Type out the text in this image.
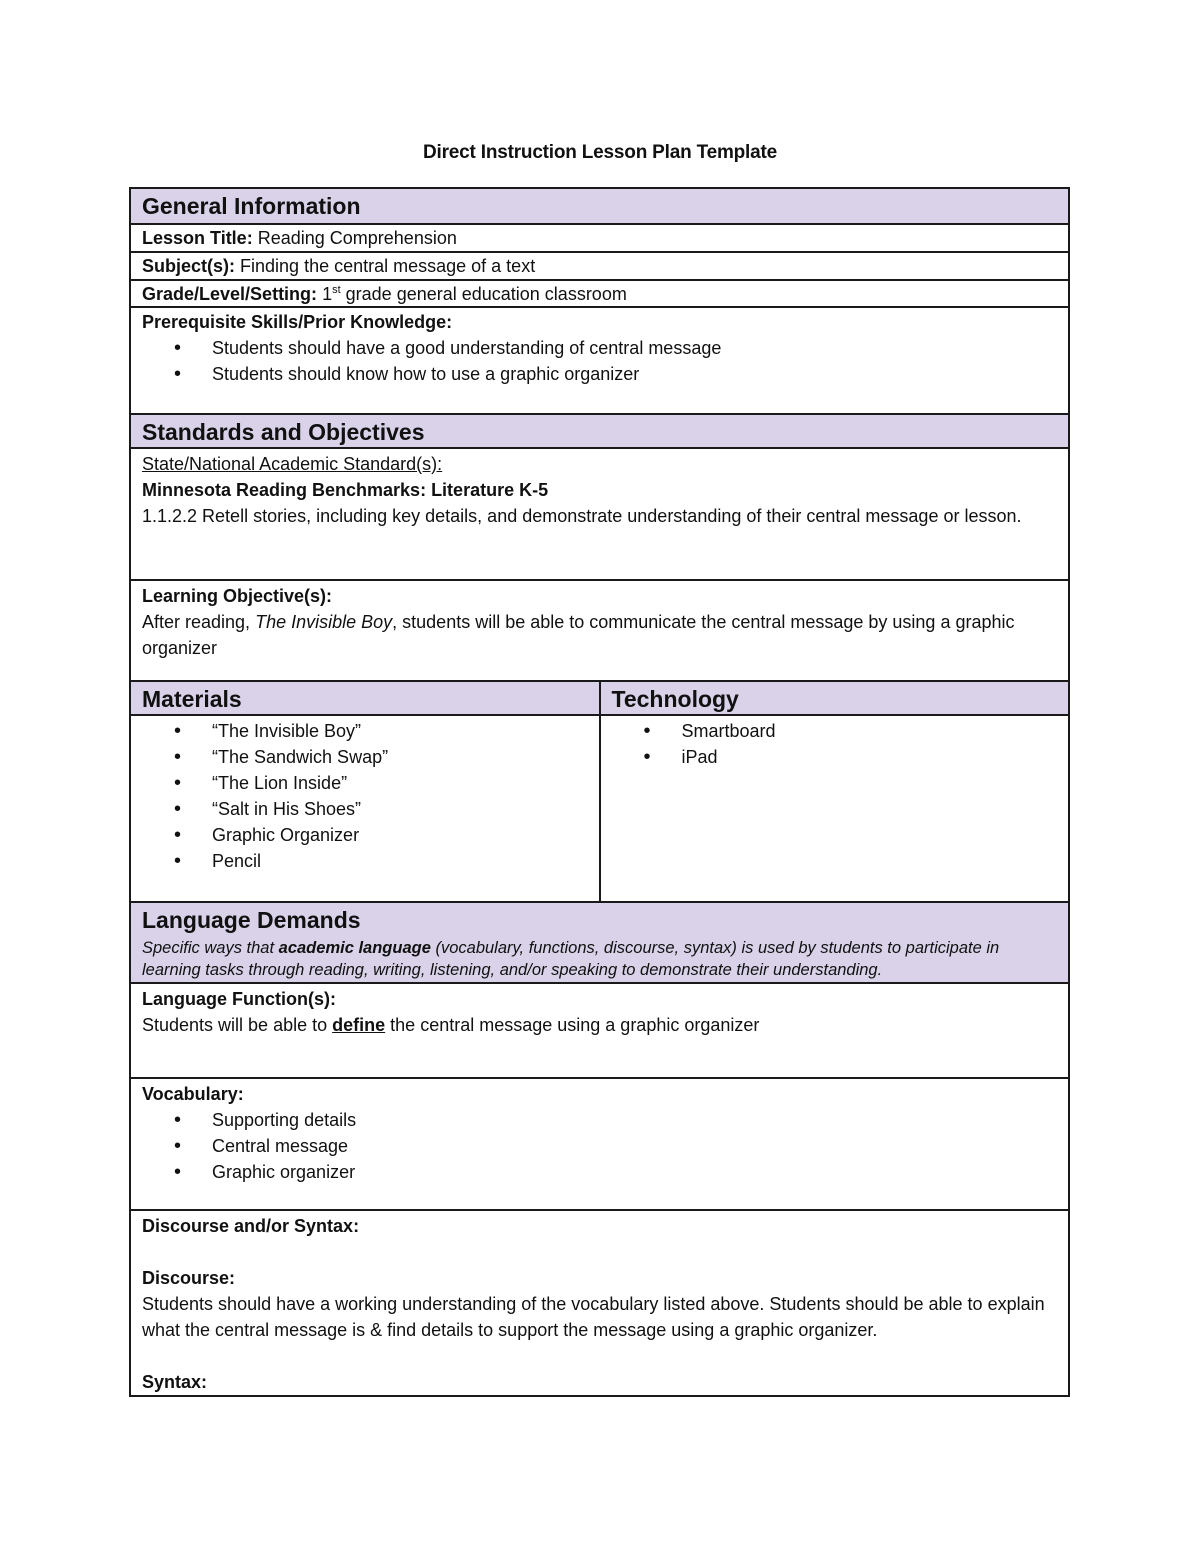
Direct Instruction Lesson Plan Template
General Information
Lesson Title: Reading Comprehension
Subject(s): Finding the central message of a text
Grade/Level/Setting: 1st grade general education classroom
Prerequisite Skills/Prior Knowledge:
• Students should have a good understanding of central message
• Students should know how to use a graphic organizer
Standards and Objectives
State/National Academic Standard(s):
Minnesota Reading Benchmarks: Literature K-5
1.1.2.2 Retell stories, including key details, and demonstrate understanding of their central message or lesson.
Learning Objective(s):
After reading, The Invisible Boy, students will be able to communicate the central message by using a graphic organizer
Materials
• “The Invisible Boy”
• “The Sandwich Swap”
• “The Lion Inside”
• “Salt in His Shoes”
• Graphic Organizer
• Pencil
Technology
• Smartboard
• iPad
Language Demands
Specific ways that academic language (vocabulary, functions, discourse, syntax) is used by students to participate in learning tasks through reading, writing, listening, and/or speaking to demonstrate their understanding.
Language Function(s):
Students will be able to define the central message using a graphic organizer
Vocabulary:
• Supporting details
• Central message
• Graphic organizer
Discourse and/or Syntax:
Discourse:
Students should have a working understanding of the vocabulary listed above. Students should be able to explain what the central message is & find details to support the message using a graphic organizer.
Syntax:
